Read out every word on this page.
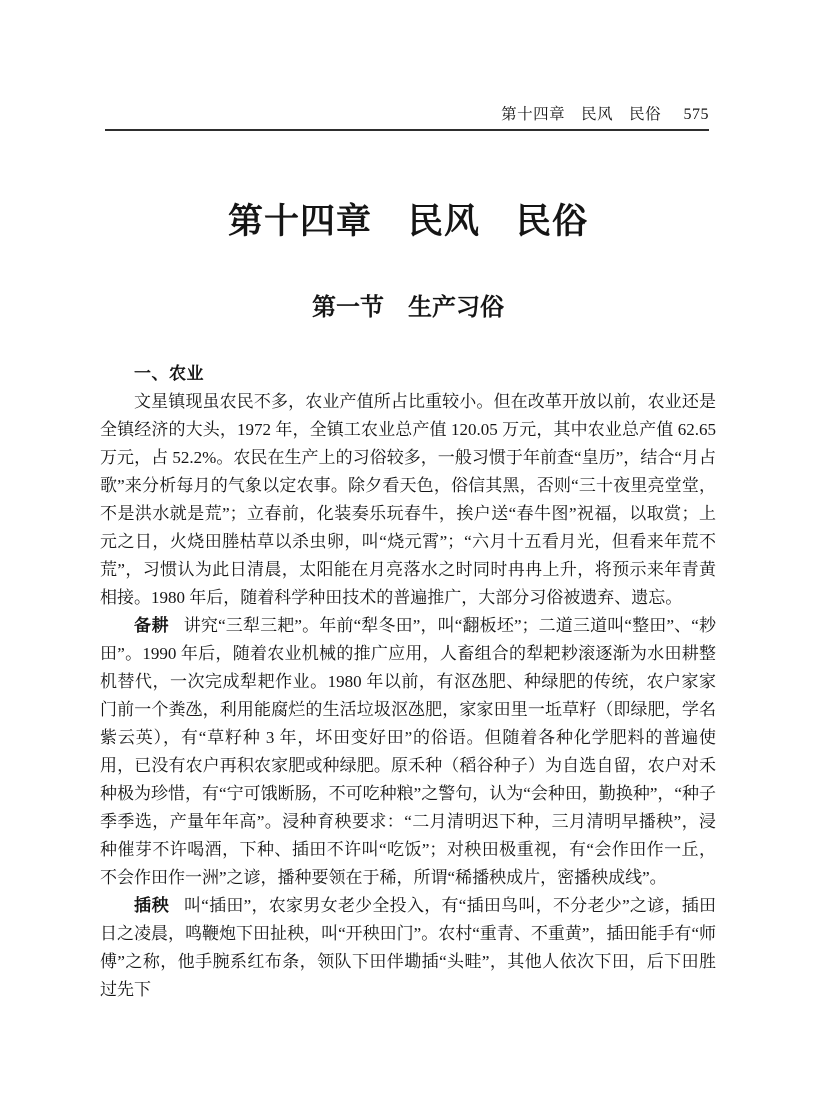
第十四章　民风　民俗 575
第十四章　民风　民俗
第一节　生产习俗
一、农业

文星镇现虽农民不多，农业产值所占比重较小。但在改革开放以前，农业还是全镇经济的大头，1972 年，全镇工农业总产值 120.05 万元，其中农业总产值 62.65 万元，占 52.2%。农民在生产上的习俗较多，一般习惯于年前查“皇历”，结合“月占歌”来分析每月的气象以定农事。除夕看天色，俗信其黑，否则“三十夜里亮堂堂，不是洪水就是荒”；立春前，化装奏乐玩春牛，挨户送“春牛图”祝福，以取赏；上元之日，火烧田塍枯草以杀虫卵，叫“烧元霄”；“六月十五看月光，但看来年荒不荒”，习惯认为此日清晨，太阳能在月亮落水之时同时冉冉上升，将预示来年青黄相接。1980 年后，随着科学种田技术的普遍推广，大部分习俗被遗弃、遗忘。

备耕 讲究“三犁三耙”。年前“犁冬田”，叫“翻板坯”；二道三道叫“整田”、“耖田”。1990 年后，随着农业机械的推广应用，人畜组合的犁耙耖滚逐渐为水田耕整机替代，一次完成犁耙作业。1980 年以前，有沤氹肥、种绿肥的传统，农户家家门前一个粪氹，利用能腐烂的生活垃圾沤氹肥，家家田里一坵草籽（即绿肥，学名紫云英），有“草籽种 3 年，坏田变好田”的俗语。但随着各种化学肥料的普遍使用，已没有农户再积农家肥或种绿肥。原禾种（稻谷种子）为自选自留，农户对禾种极为珍惜，有“宁可饿断肠，不可吃种粮”之警句，认为“会种田，勤换种”，“种子季季选，产量年年高”。浸种育秧要求：“二月清明迟下种，三月清明早播秧”，浸种催芽不许喝酒，下种、插田不许叫“吃饭”；对秧田极重视，有“会作田作一丘，不会作田作一洲”之谚，播种要领在于稀，所谓“稀播秧成片，密播秧成线”。

插秧 叫“插田”，农家男女老少全投入，有“插田鸟叫，不分老少”之谚，插田日之凌晨，鸣鞭炮下田扯秧，叫“开秧田门”。农村“重青、不重黄”，插田能手有“师傅”之称，他手腕系红布条，领队下田伴墈插“头畦”，其他人依次下田，后下田胜过先下
